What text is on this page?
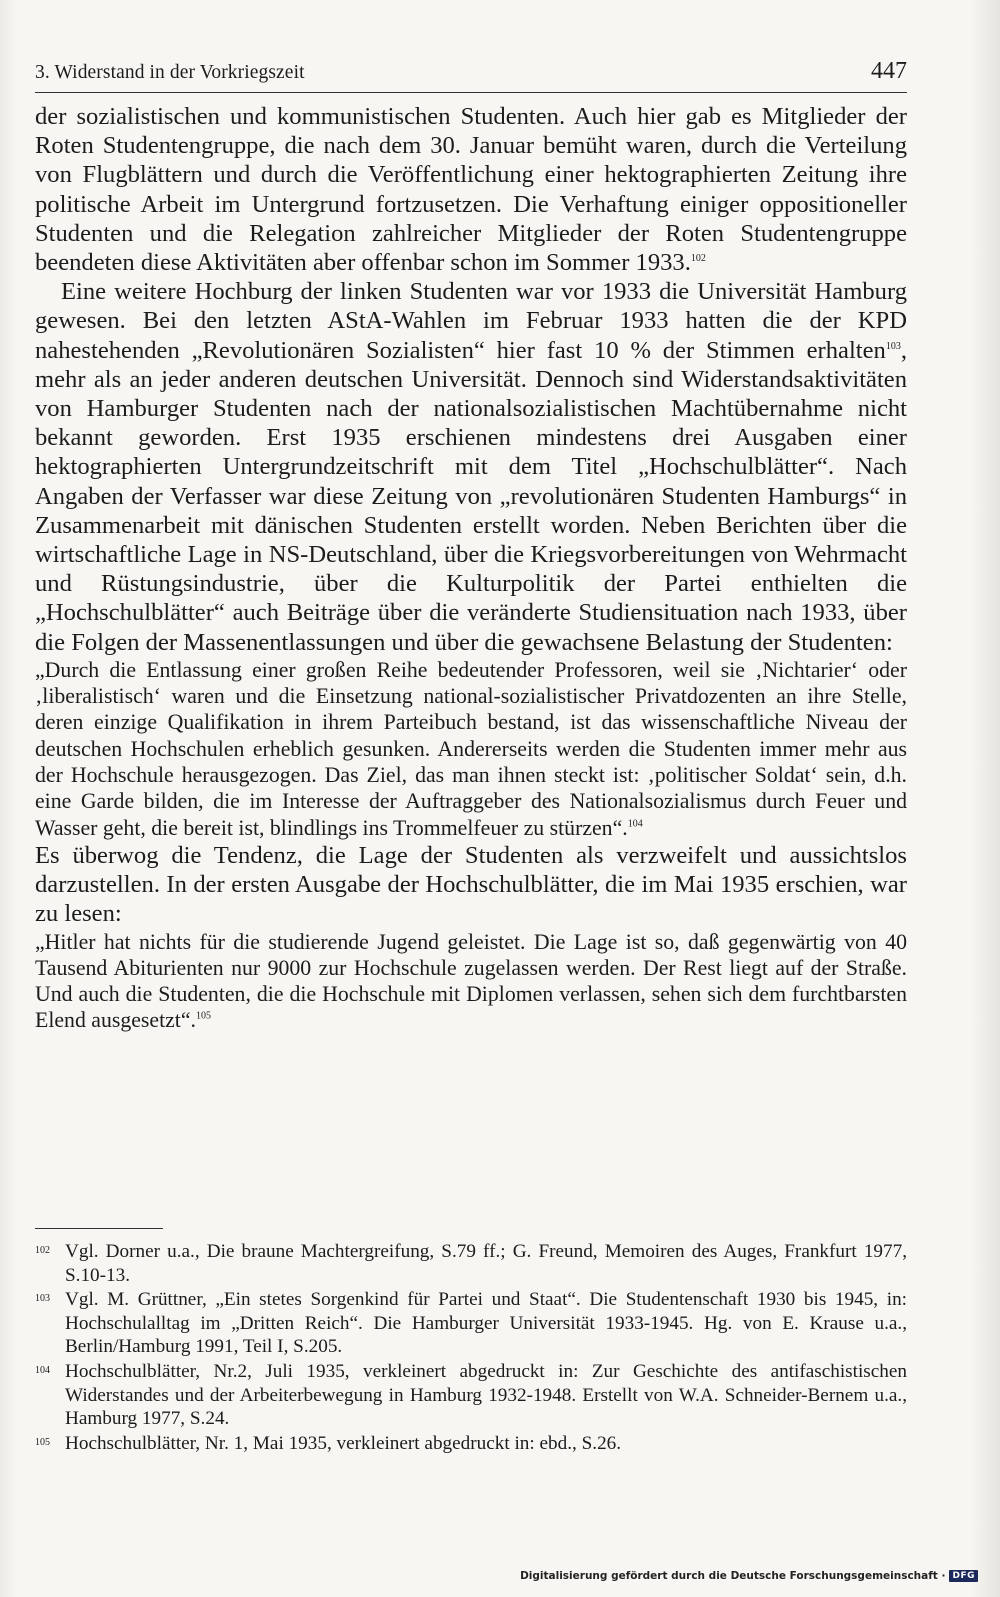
3. Widerstand in der Vorkriegszeit	447

der sozialistischen und kommunistischen Studenten. Auch hier gab es Mitglieder der Roten Studentengruppe, die nach dem 30. Januar bemüht waren, durch die Verteilung von Flugblättern und durch die Veröffentlichung einer hektographierten Zeitung ihre politische Arbeit im Untergrund fortzusetzen. Die Verhaftung einiger oppositioneller Studenten und die Relegation zahlreicher Mitglieder der Roten Studentengruppe beendeten diese Aktivitäten aber offenbar schon im Sommer 1933.$^{102}$

Eine weitere Hochburg der linken Studenten war vor 1933 die Universität Hamburg gewesen. Bei den letzten AStA-Wahlen im Februar 1933 hatten die der KPD nahestehenden „Revolutionären Sozialisten“ hier fast 10 % der Stimmen erhalten$^{103}$, mehr als an jeder anderen deutschen Universität. Dennoch sind Widerstandsaktivitäten von Hamburger Studenten nach der nationalsozialistischen Machtübernahme nicht bekannt geworden. Erst 1935 erschienen mindestens drei Ausgaben einer hektographierten Untergrundzeitschrift mit dem Titel „Hochschulblätter“. Nach Angaben der Verfasser war diese Zeitung von „revolutionären Studenten Hamburgs“ in Zusammenarbeit mit dänischen Studenten erstellt worden. Neben Berichten über die wirtschaftliche Lage in NS-Deutschland, über die Kriegsvorbereitungen von Wehrmacht und Rüstungsindustrie, über die Kulturpolitik der Partei enthielten die „Hochschulblätter“ auch Beiträge über die veränderte Studiensituation nach 1933, über die Folgen der Massenentlassungen und über die gewachsene Belastung der Studenten:

„Durch die Entlassung einer großen Reihe bedeutender Professoren, weil sie ‚Nichtarier‘ oder ‚liberalistisch‘ waren und die Einsetzung national-sozialistischer Privatdozenten an ihre Stelle, deren einzige Qualifikation in ihrem Parteibuch bestand, ist das wissenschaftliche Niveau der deutschen Hochschulen erheblich gesunken. Andererseits werden die Studenten immer mehr aus der Hochschule herausgezogen. Das Ziel, das man ihnen steckt ist: ‚politischer Soldat‘ sein, d.h. eine Garde bilden, die im Interesse der Auftraggeber des Nationalsozialismus durch Feuer und Wasser geht, die bereit ist, blindlings ins Trommelfeuer zu stürzen“.$^{104}$

Es überwog die Tendenz, die Lage der Studenten als verzweifelt und aussichtslos darzustellen. In der ersten Ausgabe der Hochschulblätter, die im Mai 1935 erschien, war zu lesen:

„Hitler hat nichts für die studierende Jugend geleistet. Die Lage ist so, daß gegenwärtig von 40 Tausend Abiturienten nur 9000 zur Hochschule zugelassen werden. Der Rest liegt auf der Straße. Und auch die Studenten, die die Hochschule mit Diplomen verlassen, sehen sich dem furchtbarsten Elend ausgesetzt“.$^{105}$

102 Vgl. Dorner u.a., Die braune Machtergreifung, S.79 ff.; G. Freund, Memoiren des Auges, Frankfurt 1977, S.10-13.
103 Vgl. M. Grüttner, „Ein stetes Sorgenkind für Partei und Staat“. Die Studentenschaft 1930 bis 1945, in: Hochschulalltag im „Dritten Reich“. Die Hamburger Universität 1933-1945. Hg. von E. Krause u.a., Berlin/Hamburg 1991, Teil I, S.205.
104 Hochschulblätter, Nr.2, Juli 1935, verkleinert abgedruckt in: Zur Geschichte des antifaschistischen Widerstandes und der Arbeiterbewegung in Hamburg 1932-1948. Erstellt von W.A. Schneider-Bernem u.a., Hamburg 1977, S.24.
105 Hochschulblätter, Nr. 1, Mai 1935, verkleinert abgedruckt in: ebd., S.26.
Digitalisierung gefördert durch die Deutsche Forschungsgemeinschaft · DFG
